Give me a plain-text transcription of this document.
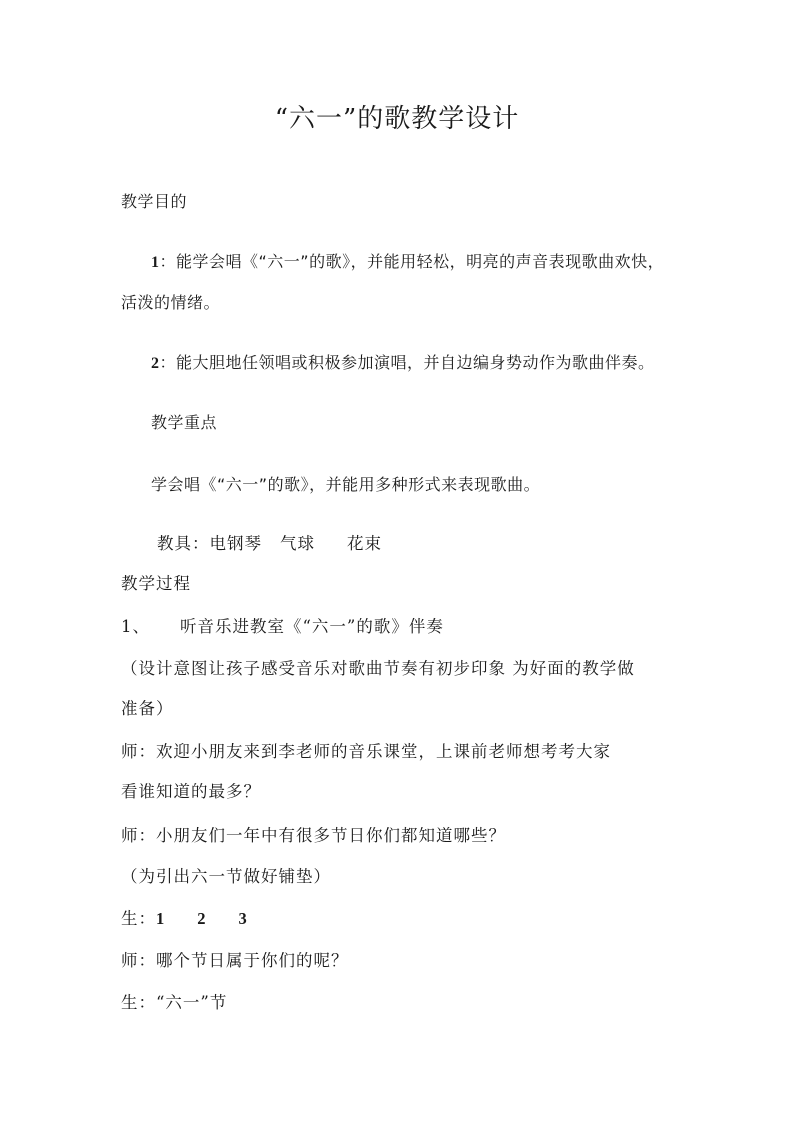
“六一”的歌教学设计
教学目的
1：能学会唱《“六一”的歌》，并能用轻松，明亮的声音表现歌曲欢快，
活泼的情绪。
2：能大胆地任领唱或积极参加演唱，并自边编身势动作为歌曲伴奏。
教学重点
学会唱《“六一”的歌》，并能用多种形式来表现歌曲。
教具：电钢琴 气球 花束
教学过程
1、 听音乐进教室《“六一”的歌》伴奏
（设计意图让孩子感受音乐对歌曲节奏有初步印象 为好面的教学做
准备）
师：欢迎小朋友来到李老师的音乐课堂，上课前老师想考考大家
看谁知道的最多？
师：小朋友们一年中有很多节日你们都知道哪些？
（为引出六一节做好铺垫）
生：1 2 3
师：哪个节日属于你们的呢？
生：“六一”节
